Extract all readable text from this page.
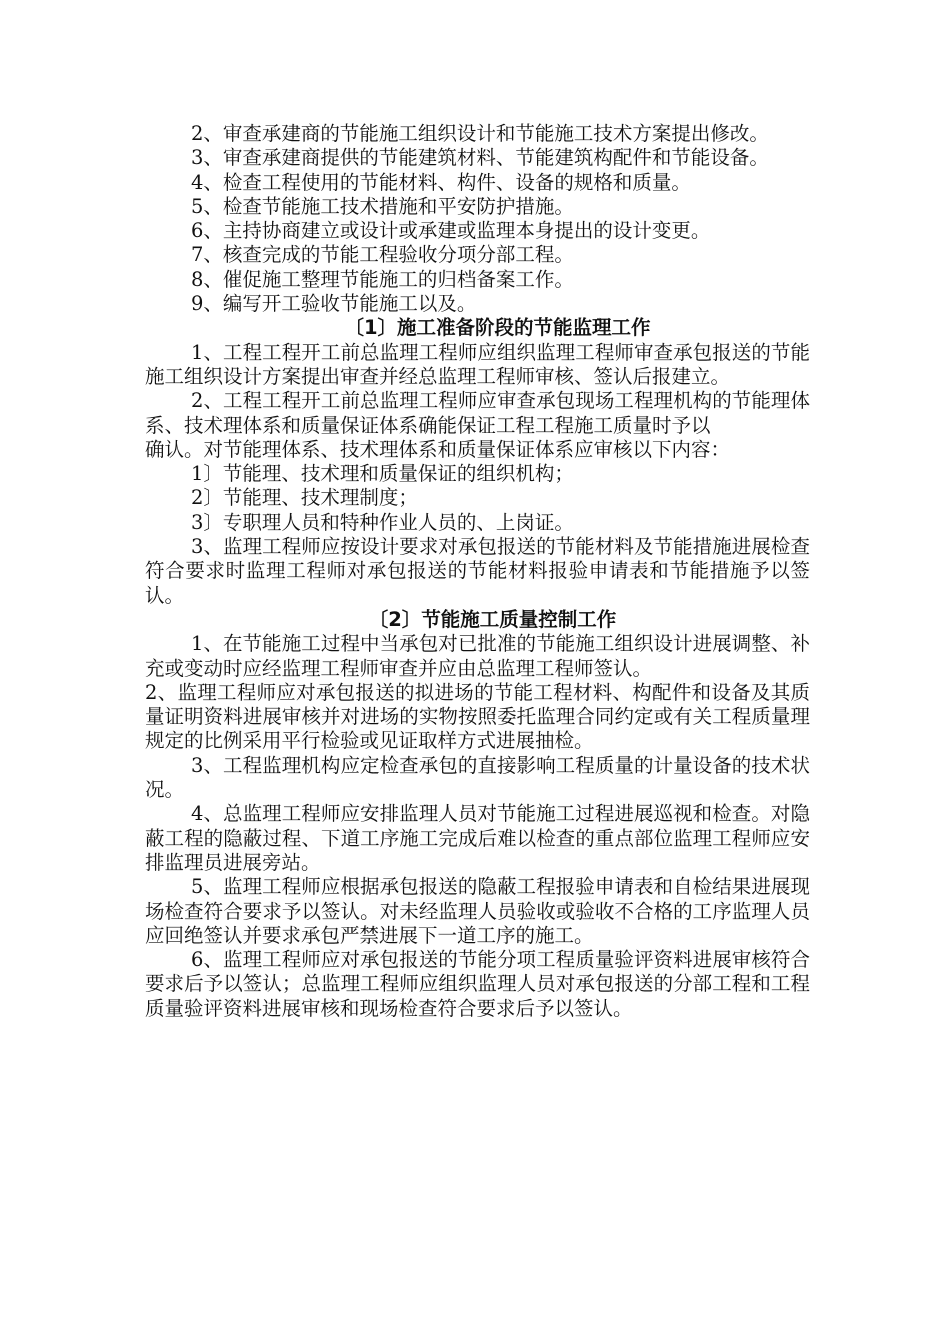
2、审查承建商的节能施工组织设计和节能施工技术方案提出修改。

3、审查承建商提供的节能建筑材料、节能建筑构配件和节能设备。

4、检查工程使用的节能材料、构件、设备的规格和质量。

5、检查节能施工技术措施和平安防护措施。

6、主持协商建立或设计或承建或监理本身提出的设计变更。

7、核查完成的节能工程验收分项分部工程。

8、催促施工整理节能施工的归档备案工作。

9、编写开工验收节能施工以及。

〔1〕施工准备阶段的节能监理工作

1、工程工程开工前总监理工程师应组织监理工程师审查承包报送的节能施工组织设计方案提出审查并经总监理工程师审核、签认后报建立。

2、工程工程开工前总监理工程师应审查承包现场工程理机构的节能理体系、技术理体系和质量保证体系确能保证工程工程施工质量时予以

确认。对节能理体系、技术理体系和质量保证体系应审核以下内容：

1〕节能理、技术理和质量保证的组织机构；

2〕节能理、技术理制度；

3〕专职理人员和特种作业人员的、上岗证。

3、监理工程师应按设计要求对承包报送的节能材料及节能措施进展检查符合要求时监理工程师对承包报送的节能材料报验申请表和节能措施予以签认。

〔2〕节能施工质量控制工作

1、在节能施工过程中当承包对已批准的节能施工组织设计进展调整、补充或变动时应经监理工程师审查并应由总监理工程师签认。

2、监理工程师应对承包报送的拟进场的节能工程材料、构配件和设备及其质量证明资料进展审核并对进场的实物按照委托监理合同约定或有关工程质量理规定的比例采用平行检验或见证取样方式进展抽检。

3、工程监理机构应定检查承包的直接影响工程质量的计量设备的技术状况。

4、总监理工程师应安排监理人员对节能施工过程进展巡视和检查。对隐蔽工程的隐蔽过程、下道工序施工完成后难以检查的重点部位监理工程师应安排监理员进展旁站。

5、监理工程师应根据承包报送的隐蔽工程报验申请表和自检结果进展现场检查符合要求予以签认。对未经监理人员验收或验收不合格的工序监理人员应回绝签认并要求承包严禁进展下一道工序的施工。

6、监理工程师应对承包报送的节能分项工程质量验评资料进展审核符合要求后予以签认；总监理工程师应组织监理人员对承包报送的分部工程和工程质量验评资料进展审核和现场检查符合要求后予以签认。
